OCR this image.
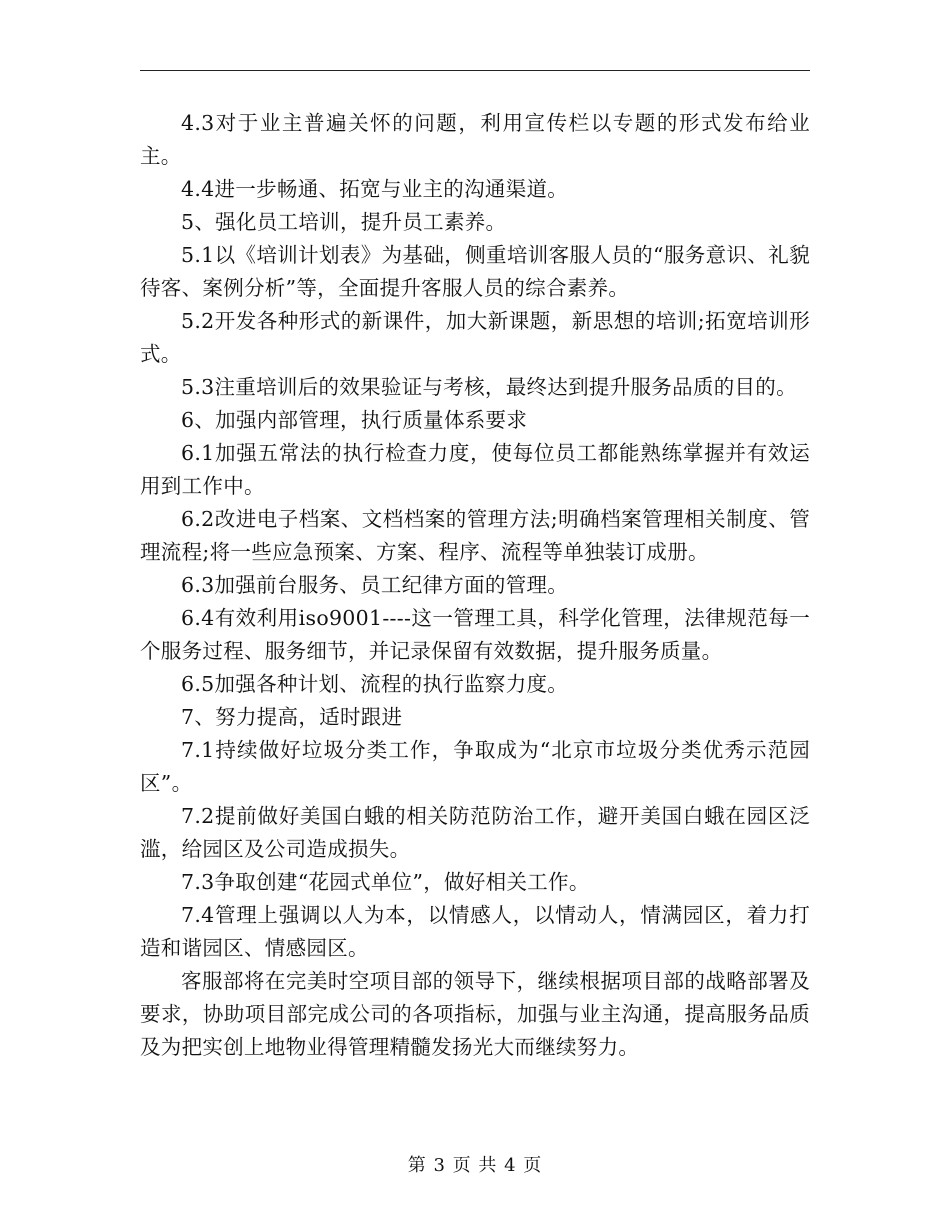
4.3对于业主普遍关怀的问题，利用宣传栏以专题的形式发布给业主。

4.4进一步畅通、拓宽与业主的沟通渠道。

5、强化员工培训，提升员工素养。

5.1以《培训计划表》为基础，侧重培训客服人员的“服务意识、礼貌待客、案例分析”等，全面提升客服人员的综合素养。

5.2开发各种形式的新课件，加大新课题，新思想的培训;拓宽培训形式。

5.3注重培训后的效果验证与考核，最终达到提升服务品质的目的。

6、加强内部管理，执行质量体系要求

6.1加强五常法的执行检查力度，使每位员工都能熟练掌握并有效运用到工作中。

6.2改进电子档案、文档档案的管理方法;明确档案管理相关制度、管理流程;将一些应急预案、方案、程序、流程等单独装订成册。

6.3加强前台服务、员工纪律方面的管理。

6.4有效利用iso9001----这一管理工具，科学化管理，法律规范每一个服务过程、服务细节，并记录保留有效数据，提升服务质量。

6.5加强各种计划、流程的执行监察力度。

7、努力提高，适时跟进

7.1持续做好垃圾分类工作，争取成为“北京市垃圾分类优秀示范园区”。

7.2提前做好美国白蛾的相关防范防治工作，避开美国白蛾在园区泛滥，给园区及公司造成损失。

7.3争取创建“花园式单位”，做好相关工作。

7.4管理上强调以人为本，以情感人，以情动人，情满园区，着力打造和谐园区、情感园区。

客服部将在完美时空项目部的领导下，继续根据项目部的战略部署及要求，协助项目部完成公司的各项指标，加强与业主沟通，提高服务品质及为把实创上地物业得管理精髓发扬光大而继续努力。

第 3 页 共 4 页
